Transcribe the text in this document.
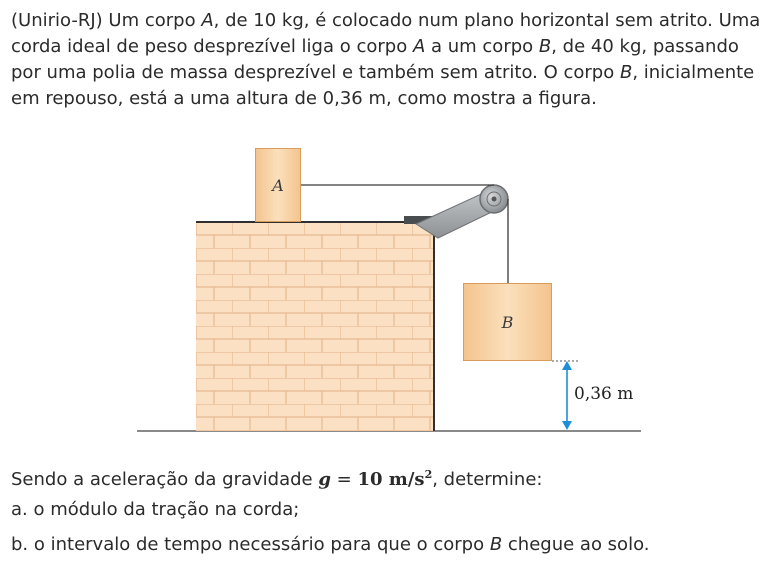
(Unirio-RJ) Um corpo A, de 10 kg, é colocado num plano horizontal sem atrito. Uma corda ideal de peso desprezível liga o corpo A a um corpo B, de 40 kg, passando por uma polia de massa desprezível e também sem atrito. O corpo B, inicialmente em repouso, está a uma altura de 0,36 m, como mostra a figura.

A
B
0,36 m

Sendo a aceleração da gravidade g = 10 $m/s^2$, determine:

a. o módulo da tração na corda;

b. o intervalo de tempo necessário para que o corpo B chegue ao solo.
